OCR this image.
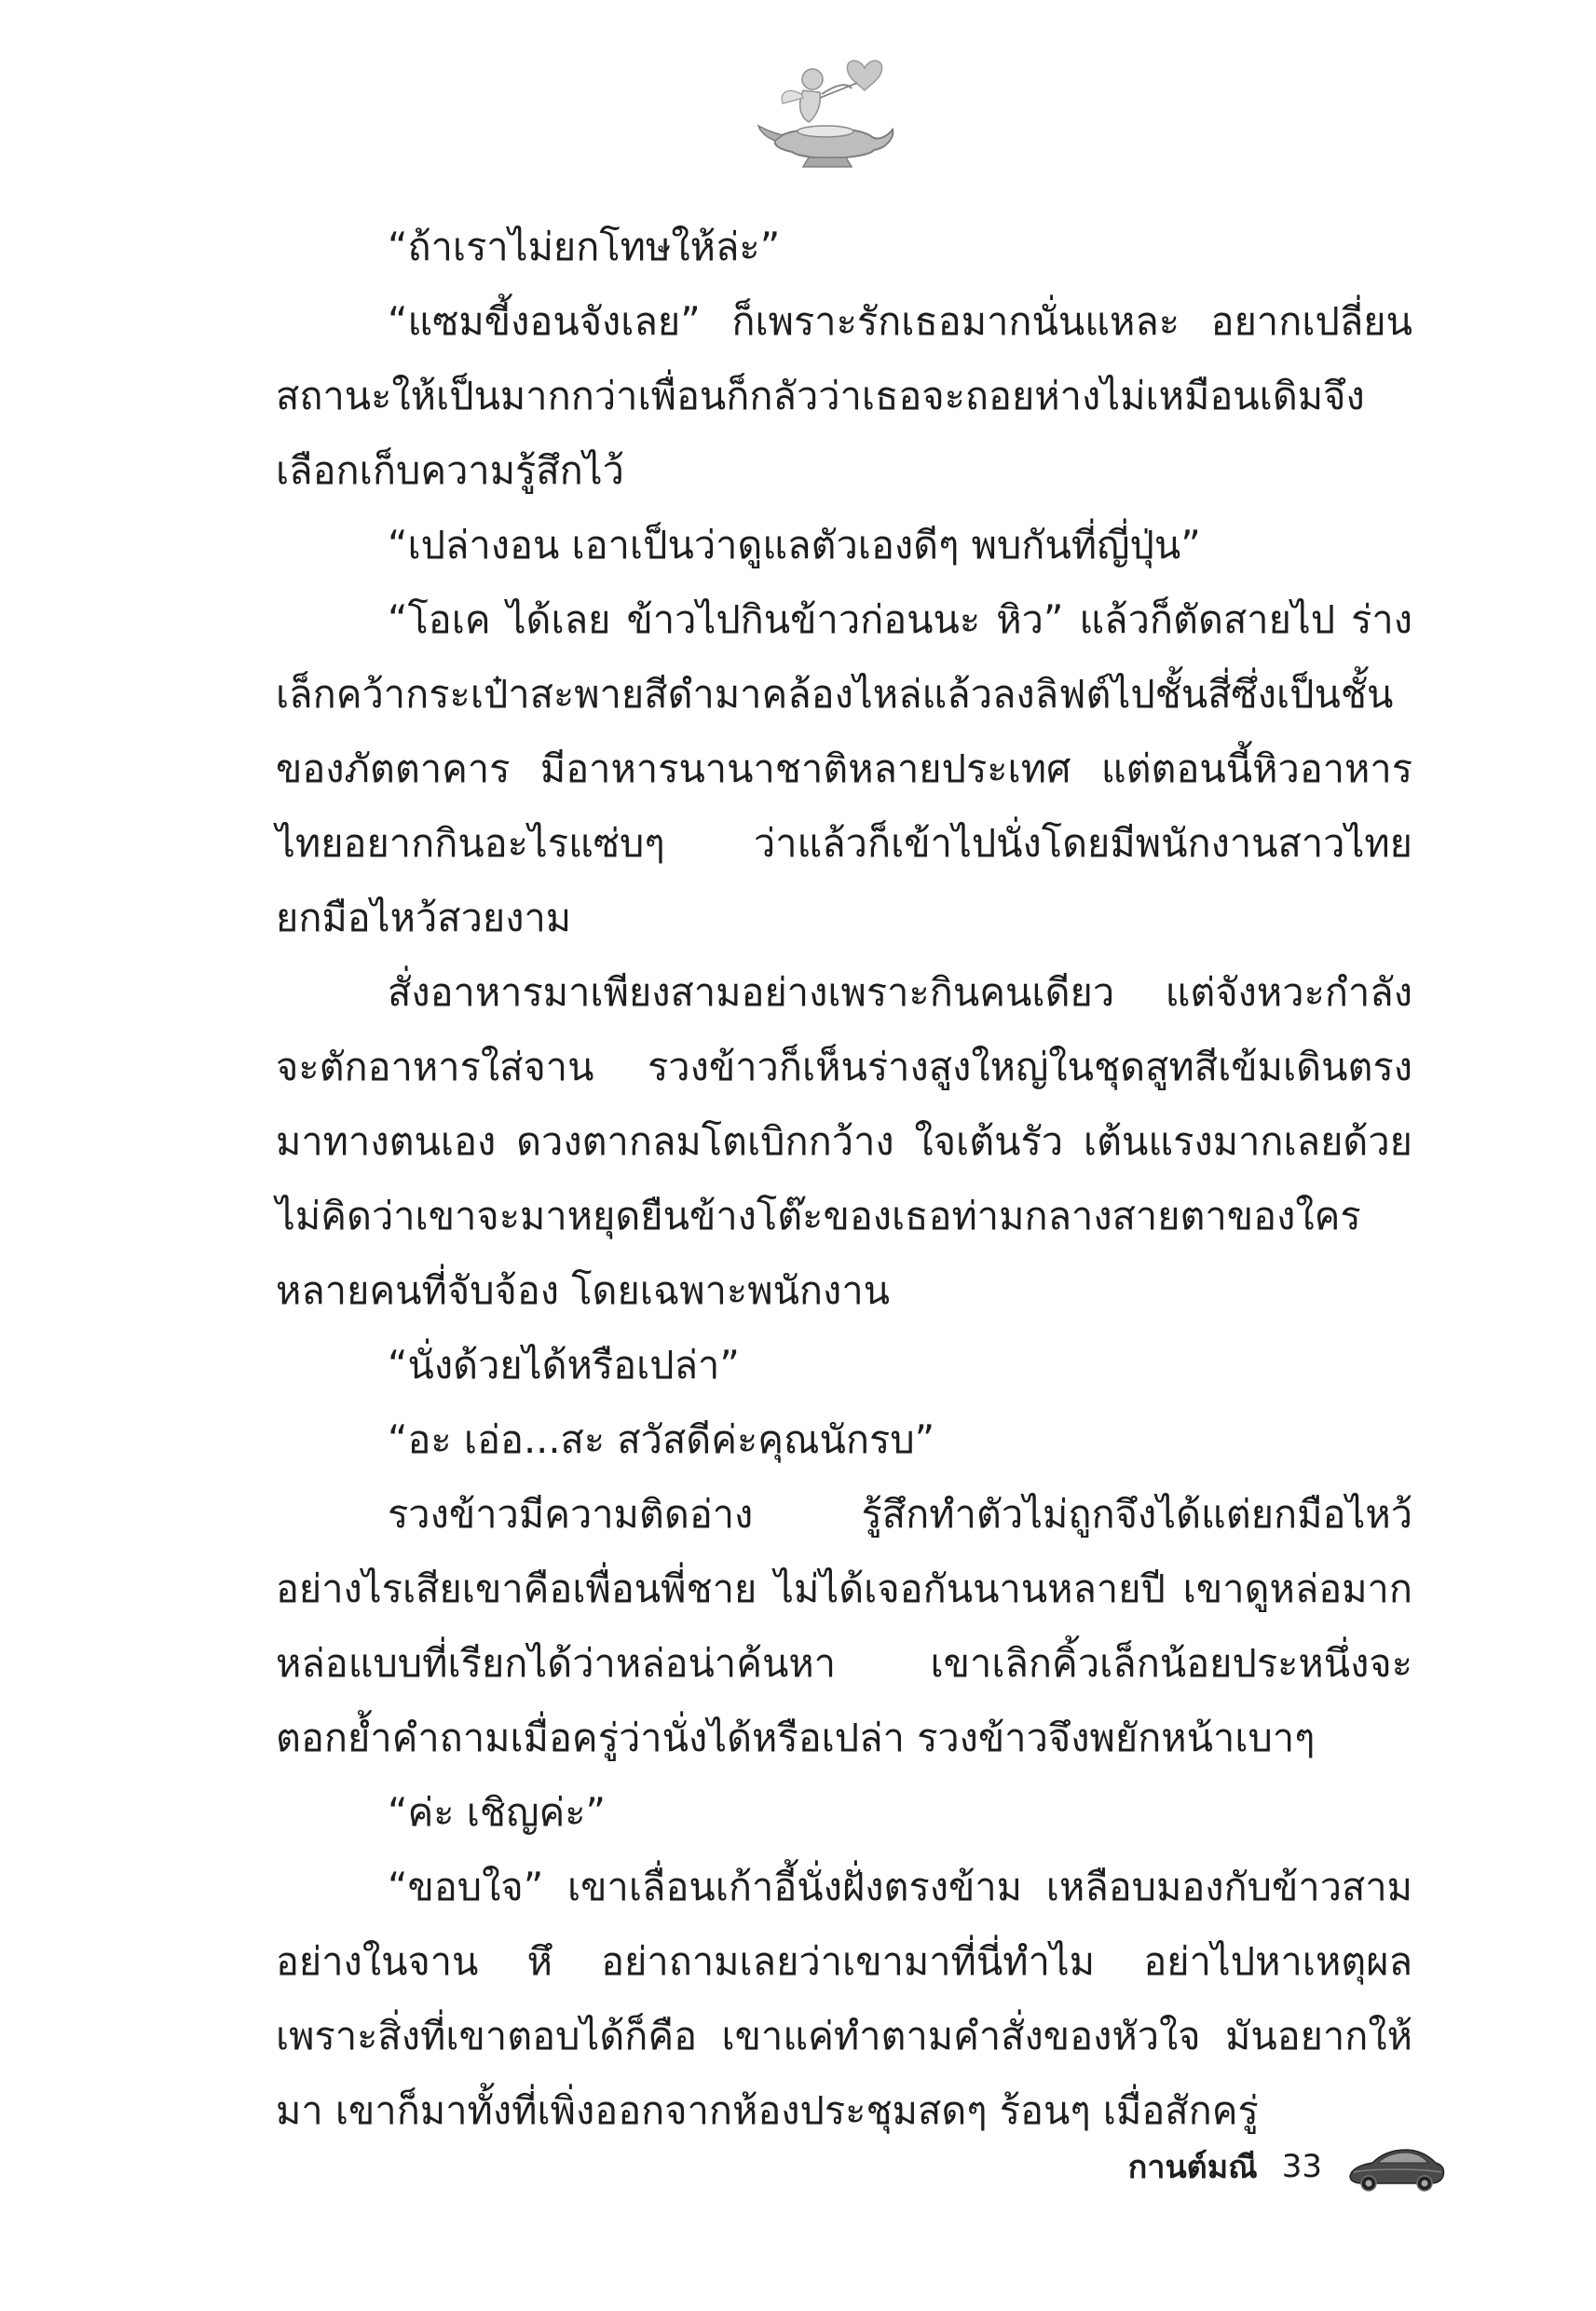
“ถ้าเราไม่ยกโทษให้ล่ะ”

“แซมขี้งอนจังเลย” ก็เพราะรักเธอมากนั่นแหละ อยากเปลี่ยนสถานะให้เป็นมากกว่าเพื่อนก็กลัวว่าเธอจะถอยห่างไม่เหมือนเดิมจึงเลือกเก็บความรู้สึกไว้

“เปล่างอน เอาเป็นว่าดูแลตัวเองดีๆ พบกันที่ญี่ปุ่น”

“โอเค ได้เลย ข้าวไปกินข้าวก่อนนะ หิว” แล้วก็ตัดสายไป ร่างเล็กคว้ากระเป๋าสะพายสีดำมาคล้องไหล่แล้วลงลิฟต์ไปชั้นสี่ซึ่งเป็นชั้นของภัตตาคาร มีอาหารนานาชาติหลายประเทศ แต่ตอนนี้หิวอาหารไทยอยากกินอะไรแซ่บๆ ว่าแล้วก็เข้าไปนั่งโดยมีพนักงานสาวไทยยกมือไหว้สวยงาม

สั่งอาหารมาเพียงสามอย่างเพราะกินคนเดียว แต่จังหวะกำลังจะตักอาหารใส่จาน รวงข้าวก็เห็นร่างสูงใหญ่ในชุดสูทสีเข้มเดินตรงมาทางตนเอง ดวงตากลมโตเบิกกว้าง ใจเต้นรัว เต้นแรงมากเลยด้วยไม่คิดว่าเขาจะมาหยุดยืนข้างโต๊ะของเธอท่ามกลางสายตาของใครหลายคนที่จับจ้อง โดยเฉพาะพนักงาน

“นั่งด้วยได้หรือเปล่า”

“อะ เอ่อ...สะ สวัสดีค่ะคุณนักรบ”

รวงข้าวมีความติดอ่าง รู้สึกทำตัวไม่ถูกจึงได้แต่ยกมือไหว้อย่างไรเสียเขาคือเพื่อนพี่ชาย ไม่ได้เจอกันนานหลายปี เขาดูหล่อมากหล่อแบบที่เรียกได้ว่าหล่อน่าค้นหา เขาเลิกคิ้วเล็กน้อยประหนึ่งจะตอกย้ำคำถามเมื่อครู่ว่านั่งได้หรือเปล่า รวงข้าวจึงพยักหน้าเบาๆ

“ค่ะ เชิญค่ะ”

“ขอบใจ” เขาเลื่อนเก้าอี้นั่งฝั่งตรงข้าม เหลือบมองกับข้าวสามอย่างในจาน หึ อย่าถามเลยว่าเขามาที่นี่ทำไม อย่าไปหาเหตุผล เพราะสิ่งที่เขาตอบได้ก็คือ เขาแค่ทำตามคำสั่งของหัวใจ มันอยากให้มา เขาก็มาทั้งที่เพิ่งออกจากห้องประชุมสดๆ ร้อนๆ เมื่อสักครู่

กานต์มณี 33
